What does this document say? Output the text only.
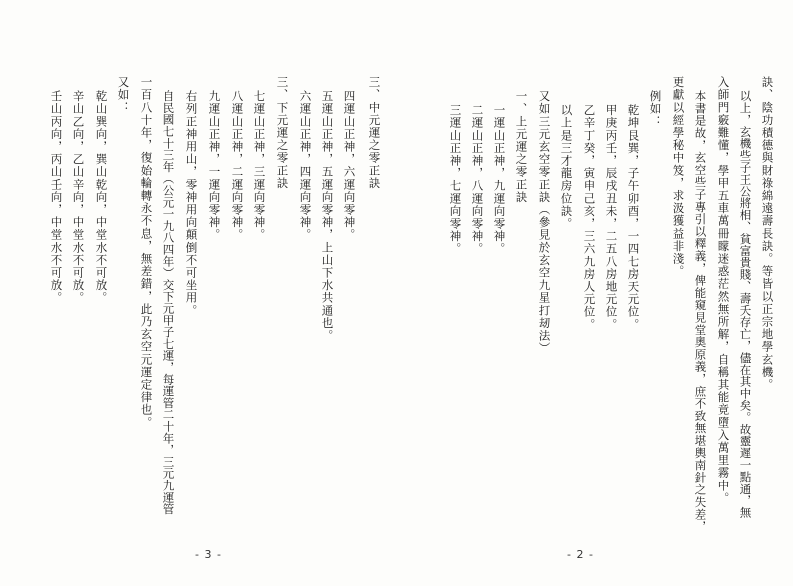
三、中元運之零正訣
四運山正神，六運向零神。
五運山正神，五運向零神，上山下水共通也。
六運山正神，四運向零神。
三、下元運之零正訣
七運山正神，三運向零神。
八運山正神，二運向零神。
九運山正神，一運向零神。
右列正神用山，零神用向顛倒不可坐用。
自民國七十三年（公元一九八四年）交下元甲子七運，每運管二十年，三元九運管
一百八十年，復始輪轉永不息，無差錯，此乃玄空元運定律也。
又如：
乾山巽向，巽山乾向，中堂水不可放。
辛山乙向，乙山辛向，中堂水不可放。
壬山丙向，丙山壬向，中堂水不可放。
- 3 -
訣、陰功積德與財祿綿遠壽長訣。等皆以正宗地學玄機。
以上，玄機些子王公將相、貧富貴賤、壽夭存亡，儘在其中矣。故靈遲一點通，無
入師門竅難懂，學甲五車萬冊矇迷惑茫然無所解，自稱其能竟墮入萬里霧中。
本書是故，玄空些子專引以釋義，俾能窺見堂奧原義，庶不致無堪輿南針之失差，
更獻以經學秘中笈，求汲獲益非淺。
例如：
乾坤艮巽，子午卯酉，一四七房天元位。
甲庚丙壬，辰戌丑未，二五八房地元位。
乙辛丁癸，寅申己亥，三六九房人元位。
以上是三才龍房位訣。
又如三元玄空零正訣（參見於玄空九星打刼法）
一、上元運之零正訣
一運山正神，九運向零神。
二運山正神，八運向零神。
三運山正神，七運向零神。
- 2 -
